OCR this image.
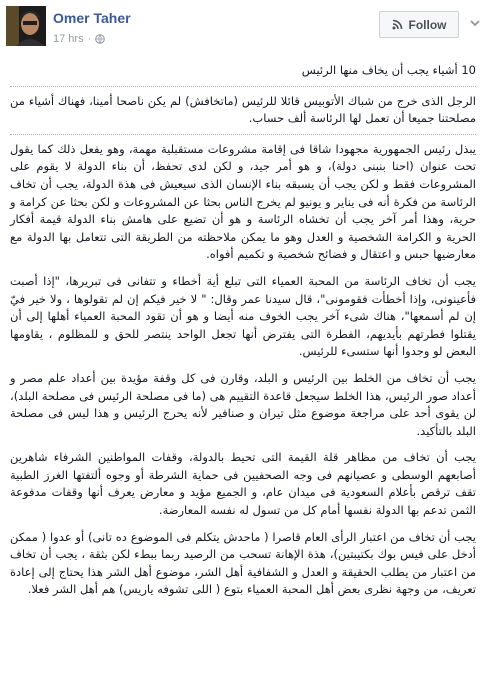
Omer Taher
17 hrs ·
Follow

10 أشياء يجب أن يخاف منها الرئيس

الرجل الذى خرج من شباك الأتوبيس قائلا للرئيس (ماتخافش) لم يكن ناصحا أمينا، فهناك أشياء من مصلحتنا جميعا أن تعمل لها الرئاسة ألف حساب.

يبذل رئيس الجمهورية مجهودا شاقا فى إقامة مشروعات مستقبلية مهمة، وهو يفعل ذلك كما يقول تحت عنوان (احنا بنبنى دولة)، و هو أمر جيد، و لكن لدى تحفظ، أن بناء الدولة لا يقوم على المشروعات فقط و لكن يجب أن يسبقه بناء الإنسان الذى سيعيش فى هذة الدولة، يجب أن تخاف الرئاسة من فكرة أنه فى يناير و يونيو لم يخرج الناس بحثا عن المشروعات و لكن بحثا عن كرامة و حرية، وهذا أمر آخر يجب أن تخشاه الرئاسة و هو أن تضيع على هامش بناء الدولة قيمة أفكار الحرية و الكرامة الشخصية و العدل وهو ما يمكن ملاحظته من الطريقة التى تتعامل بها الدولة مع معارضيها حبس و اعتقال و فضائح شخصية و تكميم أفواه.

يجب أن تخاف الرئاسة من المحبة العمياء التى تبلع أية أخطاء و تتفانى فى تبريرها، "إذا أصبت فأعينونى، وإذا أخطأت فقومونى"، قال سيدنا عمر وقال: " لا خير فيكم إن لم تقولوها ، ولا خير فيّ إن لم أسمعها"، هناك شىء آخر يجب الخوف منه أيضا و هو أن تقود المحبة العمياء أهلها إلى أن يقتلوا فطرتهم بأيديهم، الفطرة التى يفترض أنها تجعل الواحد ينتصر للحق و للمظلوم ، يقاومها البعض لو وجدوا أنها ستسىء للرئيس.

يجب أن تخاف من الخلط بين الرئيس و البلد، وقارن فى كل وقفة مؤيدة بين أعداد علم مصر و أعداد صور الرئيس، هذا الخلط سيجعل قاعدة التقييم هى (ما فى مصلحة الرئيس فى مصلحة البلد)، لن يقوى أحد على مراجعة موضوع مثل تيران و صنافير لأنه يحرج الرئيس و هذا ليس فى مصلحة البلد بالتأكيد.

يجب أن تخاف من مظاهر قلة القيمة التى تحيط بالدولة، وقفات المواطنين الشرفاء شاهرين أصابعهم الوسطى و عصيانهم فى وجه الصحفيين فى حماية الشرطة أو وجوه ألتفتها الغرز الطبية تقف ترقص بأعلام السعودية فى ميدان عام، و الجميع مؤيد و معارض يعرف أنها وقفات مدفوعة الثمن تدعم بها الدولة نفسها أمام كل من تسول له نفسه المعارضة.

يجب أن تخاف من اعتبار الرأى العام قاصرا ( ماحدش يتكلم فى الموضوع ده تانى) أو عدوا ( ممكن أدخل على فيس بوك بكتيبتين)، هذة الإهانة تسحب من الرصيد ربما ببطء لكن بثقة ، يجب أن تخاف من اعتبار من يطلب الحقيقة و العدل و الشفافية أهل الشر، موضوع أهل الشر هذا يحتاج إلى إعادة تعريف، من وجهة نظرى بعض أهل المحبة العمياء بتوع ( اللى تشوفه ياريس) هم أهل الشر فعلا.
